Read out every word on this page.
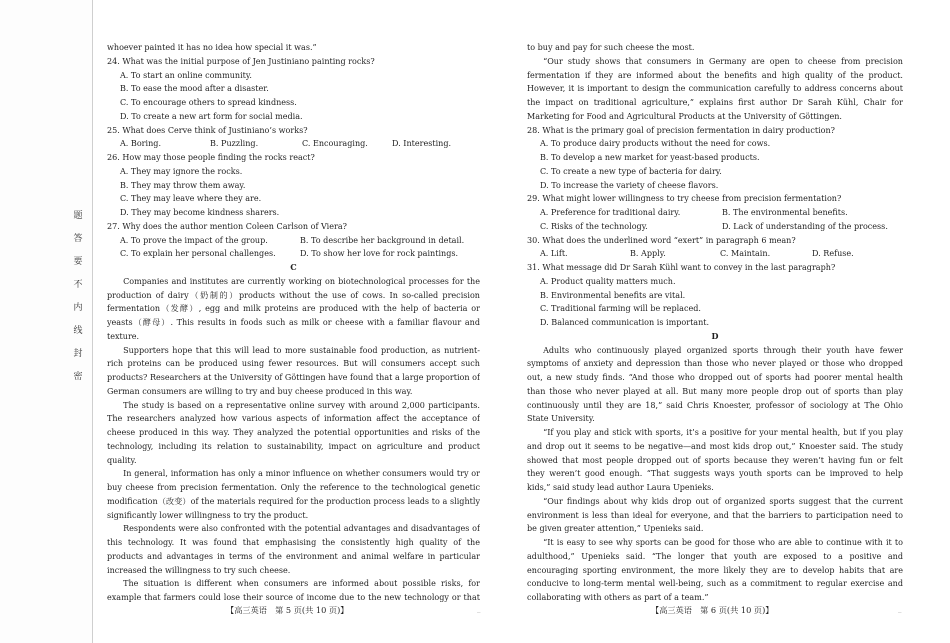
题
答
要
不
内
线
封
密

whoever painted it has no idea how special it was.”

24. What was the initial purpose of Jen Justiniano painting rocks?

A. To start an online community.

B. To ease the mood after a disaster.

C. To encourage others to spread kindness.

D. To create a new art form for social media.

25. What does Cerve think of Justiniano’s works?

A. Boring.	B. Puzzling.	C. Encouraging.	D. Interesting.

26. How may those people finding the rocks react?

A. They may ignore the rocks.

B. They may throw them away.

C. They may leave where they are.

D. They may become kindness sharers.

27. Why does the author mention Coleen Carlson of Viera?

A. To prove the impact of the group.	B. To describe her background in detail.
C. To explain her personal challenges.	D. To show her love for rock paintings.

C

Companies and institutes are currently working on biotechnological processes for the production of dairy（奶制的）products without the use of cows. In so-called precision fermentation（发酵）, egg and milk proteins are produced with the help of bacteria or yeasts（酵母）. This results in foods such as milk or cheese with a familiar flavour and texture.

Supporters hope that this will lead to more sustainable food production, as nutrient-rich proteins can be produced using fewer resources. But will consumers accept such products? Researchers at the University of Göttingen have found that a large proportion of German consumers are willing to try and buy cheese produced in this way.

The study is based on a representative online survey with around 2,000 participants. The researchers analyzed how various aspects of information affect the acceptance of cheese produced in this way. They analyzed the potential opportunities and risks of the technology, including its relation to sustainability, impact on agriculture and product quality.

In general, information has only a minor influence on whether consumers would try or buy cheese from precision fermentation. Only the reference to the technological genetic modification（改变）of the materials required for the production process leads to a slightly significantly lower willingness to try the product.

Respondents were also confronted with the potential advantages and disadvantages of this technology. It was found that emphasising the consistently high quality of the products and advantages in terms of the environment and animal welfare in particular increased the willingness to try such cheese.

The situation is different when consumers are informed about possible risks, for example that farmers could lose their source of income due to the new technology or that

【高三英语　第 5 页(共 10 页)】	_

to buy and pay for such cheese the most.

“Our study shows that consumers in Germany are open to cheese from precision fermentation if they are informed about the benefits and high quality of the product. However, it is important to design the communication carefully to address concerns about the impact on traditional agriculture,” explains first author Dr Sarah Kühl, Chair for Marketing for Food and Agricultural Products at the University of Göttingen.

28. What is the primary goal of precision fermentation in dairy production?

A. To produce dairy products without the need for cows.

B. To develop a new market for yeast-based products.

C. To create a new type of bacteria for dairy.

D. To increase the variety of cheese flavors.

29. What might lower willingness to try cheese from precision fermentation?

A. Preference for traditional dairy.	B. The environmental benefits.
C. Risks of the technology.	D. Lack of understanding of the process.

30. What does the underlined word “exert” in paragraph 6 mean?

A. Lift.	B. Apply.	C. Maintain.	D. Refuse.

31. What message did Dr Sarah Kühl want to convey in the last paragraph?

A. Product quality matters much.

B. Environmental benefits are vital.

C. Traditional farming will be replaced.

D. Balanced communication is important.

D

Adults who continuously played organized sports through their youth have fewer symptoms of anxiety and depression than those who never played or those who dropped out, a new study finds. “And those who dropped out of sports had poorer mental health than those who never played at all. But many more people drop out of sports than play continuously until they are 18,” said Chris Knoester, professor of sociology at The Ohio State University.

“If you play and stick with sports, it’s a positive for your mental health, but if you play and drop out it seems to be negative—and most kids drop out,” Knoester said. The study showed that most people dropped out of sports because they weren’t having fun or felt they weren’t good enough. “That suggests ways youth sports can be improved to help kids,” said study lead author Laura Upenieks.

“Our findings about why kids drop out of organized sports suggest that the current environment is less than ideal for everyone, and that the barriers to participation need to be given greater attention,” Upenieks said.

“It is easy to see why sports can be good for those who are able to continue with it to adulthood,” Upenieks said. “The longer that youth are exposed to a positive and encouraging sporting environment, the more likely they are to develop habits that are conducive to long-term mental well-being, such as a commitment to regular exercise and collaborating with others as part of a team.”

【高三英语　第 6 页(共 10 页)】	_
